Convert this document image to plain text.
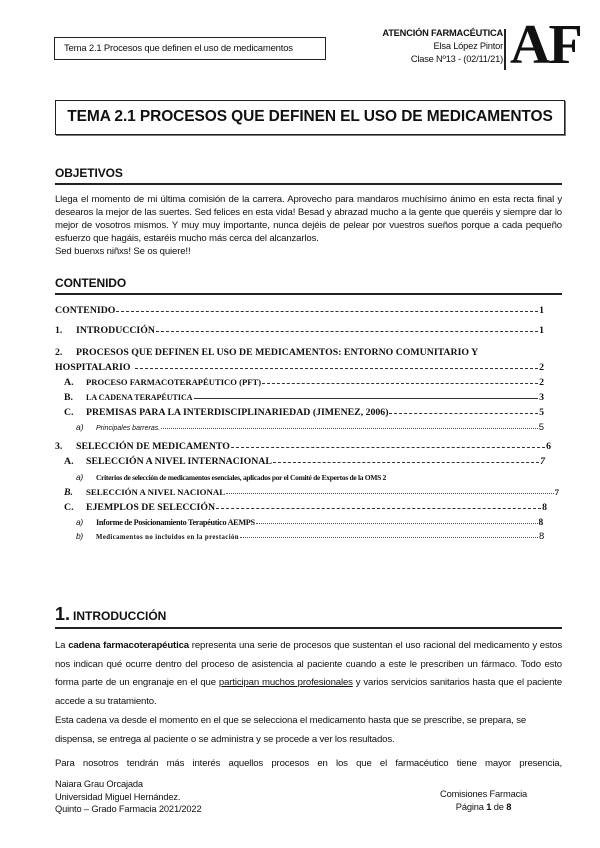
Tema 2.1 Procesos que definen el uso de medicamentos
ATENCIÓN FARMACÉUTICA
Elsa López Pintor
Clase Nº13 - (02/11/21) AF
TEMA 2.1 PROCESOS QUE DEFINEN EL USO DE MEDICAMENTOS
OBJETIVOS

Llega el momento de mi última comisión de la carrera. Aprovecho para mandaros muchísimo ánimo en esta recta final y desearos la mejor de las suertes. Sed felices en esta vida! Besad y abrazad mucho a la gente que queréis y siempre dar lo mejor de vosotros mismos. Y muy muy importante, nunca dejéis de pelear por vuestros sueños porque a cada pequeño esfuerzo que hagáis, estaréis mucho más cerca del alcanzarlos.

Sed buenxs niñxs! Se os quiere!!

CONTENIDO
CONTENIDO	1
1.	INTRODUCCIÓN	1
2.	PROCESOS QUE DEFINEN EL USO DE MEDICAMENTOS: ENTORNO COMUNITARIO Y
HOSPITALARIO	2
A.	PROCESO FARMACOTERAPÉUTICO (PFT)	2
B.	LA CADENA TERAPÉUTICA	3
C.	PREMISAS PARA LA INTERDISCIPLINARIEDAD (JIMENEZ, 2006)	5
a)	Principales barreras.	5
3.	SELECCIÓN DE MEDICAMENTO	6
A.	SELECCIÓN A NIVEL INTERNACIONAL	7
a)	Criterios de selección de medicamentos esenciales, aplicados por el Comité de Expertos de la OMS 2
B.	SELECCIÓN A NIVEL NACIONAL	7
C.	EJEMPLOS DE SELECCIÓN	8
a)	Informe de Posicionamiento Terapéutico AEMPS	8
b)	Medicamentos no incluidos en la prestación	8
1. INTRODUCCIÓN

La cadena farmacoterapéutica representa una serie de procesos que sustentan el uso racional del medicamento y estos nos indican qué ocurre dentro del proceso de asistencia al paciente cuando a este le prescriben un fármaco. Todo esto forma parte de un engranaje en el que participan muchos profesionales y varios servicios sanitarios hasta que el paciente accede a su tratamiento.

Esta cadena va desde el momento en el que se selecciona el medicamento hasta que se prescribe, se prepara, se dispensa, se entrega al paciente o se administra y se procede a ver los resultados.

Para nosotros tendrán más interés aquellos procesos en los que el farmacéutico tiene mayor presencia,

Naiara Grau Orcajada
Universidad Miguel Hernández.
Quinto – Grado Farmacia 2021/2022
Comisiones Farmacia
Página 1 de 8
